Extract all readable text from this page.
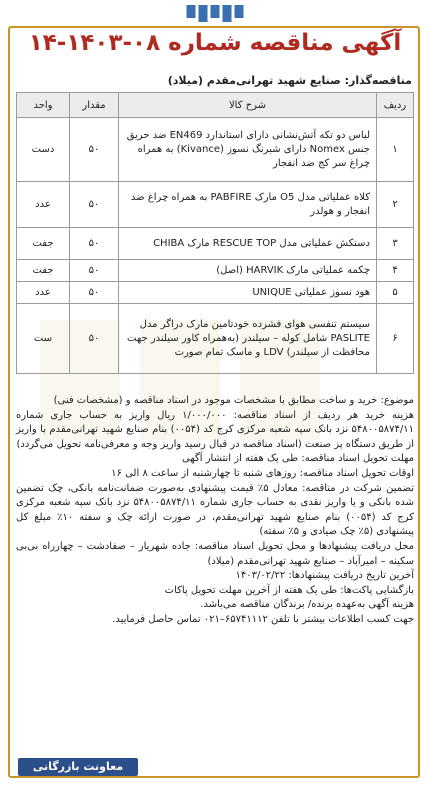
آگهی مناقصه شماره ۰۸-۱۴۰۳-۱۴
مناقصه‌گذار: صنایع شهید تهرانی‌مقدم (میلاد)
ردیف	شرح کالا	مقدار	واحد
۱	لباس دو تکه آتش‌نشانی دارای استاندارد EN469 ضد حریق جنس Nomex دارای شبرنگ نسوز (Kivance) به همراه چراغ سر کج ضد انفجار	۵۰	دست
۲	کلاه عملیاتی مدل O5 مارک PABFIRE به همراه چراغ ضد انفجار و هولدر	۵۰	عدد
۳	دستکش عملیاتی مدل RESCUE TOP مارک CHIBA	۵۰	جفت
۴	چکمه عملیاتی مارک HARVIK (اصل)	۵۰	جفت
۵	هود نسوز عملیاتی UNIQUE	۵۰	عدد
۶	سیستم تنفسی هوای فشرده خودتامین مارک دراگر مدل PASLITE شامل کوله – سیلندر (به‌همراه کاور سیلندر جهت محافظت از سیلندر) LDV و ماسک تمام صورت	۵۰	ست

موضوع: خرید و ساخت مطابق با مشخصات موجود در اسناد مناقصه و (مشخصات فنی)

هزینه خرید هر ردیف از اسناد مناقصه: ۱/۰۰۰/۰۰۰ ریال واریز به حساب جاری شماره ۵۴۸۰۰۵۸۷۴/۱۱ نزد بانک سپه شعبه مرکزی کرج کد (۰۰۵۴) بنام صنایع شهید تهرانی‌مقدم با واریز از طریق دستگاه پز صنعت (اسناد مناقصه در قبال رسید واریز وجه و معرفی‌نامه تحویل می‌گردد)

مهلت تحویل اسناد مناقصه: طی یک هفته از انتشار آگهی

اوقات تحویل اسناد مناقصه: روزهای شنبه تا چهارشنبه از ساعت ۸ الی ۱۶

تضمین شرکت در مناقصه: معادل ۵٪ قیمت پیشنهادی به‌صورت ضمانت‌نامه بانکی، چک تضمین شده بانکی و یا واریز نقدی به حساب جاری شماره ۵۴۸۰۰۵۸۷۴/۱۱ نزد بانک سپه شعبه مرکزی کرج کد (۰۰۵۴) بنام صنایع شهید تهرانی‌مقدم، در صورت ارائه چک و سفته ۱۰٪ مبلغ کل پیشنهادی (۵٪ چک صیادی و ۵٪ سفته)

محل دریافت پیشنهادها و محل تحویل اسناد مناقصه: جاده شهریار – صفادشت – چهارراه بی‌بی سکینه – امیرآباد – صنایع شهید تهرانی‌مقدم (میلاد)

آخرین تاریخ دریافت پیشنهادها: ۱۴۰۳/۰۲/۲۲

بازگشایی پاکت‌ها: طی یک هفته از آخرین مهلت تحویل پاکات

هزینه آگهی به‌عهده برنده/ برندگان مناقصه می‌باشد.

جهت کسب اطلاعات بیشتر با تلفن ۶۵۷۴۱۱۱۲–۰۲۱ تماس حاصل فرمایید.

معاونت بازرگانی
